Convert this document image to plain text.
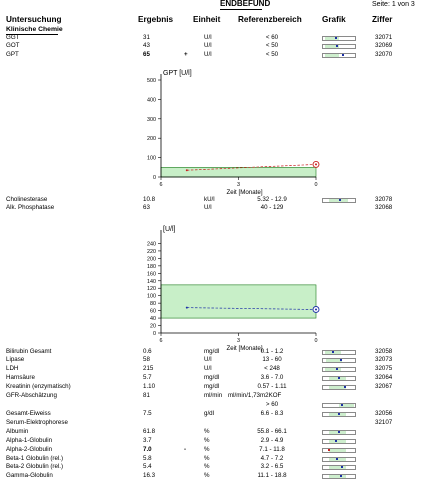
ENDBEFUND	Seite: 1 von 3
Untersuchung	Ergebnis Einheit Referenzbereich Grafik	Ziffer
Klinische Chemie
GGT	31	U/l	< 60	32071
GOT	43	U/l	< 50	32069
GPT	65	+	U/l	< 50	32070
Cholinesterase	10.8	kU/l	5.32 - 12.9	32078
Alk. Phosphatase	63	U/l	40 - 129	32068
Bilirubin Gesamt	0.6	mg/dl	0.1 - 1.2	32058
Lipase	58	U/l	13 - 60	32073
LDH	215	U/l	< 248	32075
Harnsäure	5.7	mg/dl	3.6 - 7.0	32064
Kreatinin (enzymatisch)	1.10	mg/dl	0.57 - 1.11	32067
GFR-Abschätzung	81	ml/min ml/min/1,73m2KOF
> 60
Gesamt-Eiweiss	7.5	g/dl	6.6 - 8.3	32056
Serum-Elektrophorese	32107
Albumin	61.8	%	55.8 - 66.1
Alpha-1-Globulin	3.7	%	2.9 - 4.9
Alpha-2-Globulin	7.0	-	%	7.1 - 11.8
Beta-1 Globulin (rel.)	5.8	%	4.7 - 7.2
Beta-2 Globulin (rel.)	5.4	%	3.2 - 6.5
Gamma-Globulin	16.3	%	11.1 - 18.8
GPT [U/l]
0
100
200
300
400
500
6	3	0
Zeit [Monate]
[U/l]
0
20
40
60
80
100
120
140
160
180
200
220
240
6	3	0
Zeit [Monate]
